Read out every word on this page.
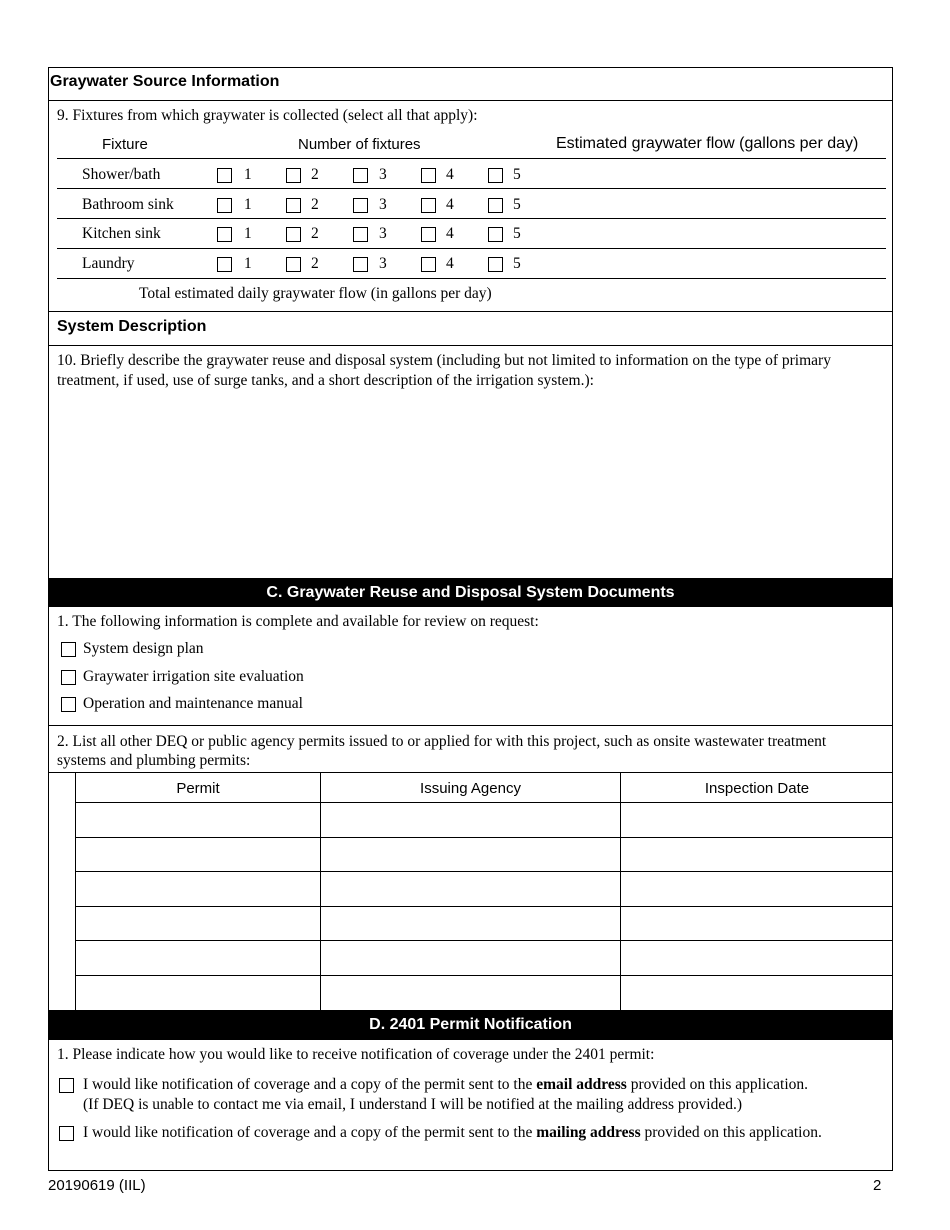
Graywater Source Information
9. Fixtures from which graywater is collected (select all that apply):
Fixture	Number of fixtures	Estimated graywater flow (gallons per day)
Shower/bath	1	2	3	4	5
Bathroom sink	1	2	3	4	5
Kitchen sink	1	2	3	4	5
Laundry	1	2	3	4	5
Total estimated daily graywater flow (in gallons per day)
System Description
10. Briefly describe the graywater reuse and disposal system (including but not limited to information on the type of primary treatment, if used, use of surge tanks, and a short description of the irrigation system.):
C. Graywater Reuse and Disposal System Documents
1. The following information is complete and available for review on request:
System design plan
Graywater irrigation site evaluation
Operation and maintenance manual
2. List all other DEQ or public agency permits issued to or applied for with this project, such as onsite wastewater treatment systems and plumbing permits:
Permit	Issuing Agency	Inspection Date
D. 2401 Permit Notification
1. Please indicate how you would like to receive notification of coverage under the 2401 permit:
I would like notification of coverage and a copy of the permit sent to the email address provided on this application.
(If DEQ is unable to contact me via email, I understand I will be notified at the mailing address provided.)
I would like notification of coverage and a copy of the permit sent to the mailing address provided on this application.
20190619 (IIL)	2
